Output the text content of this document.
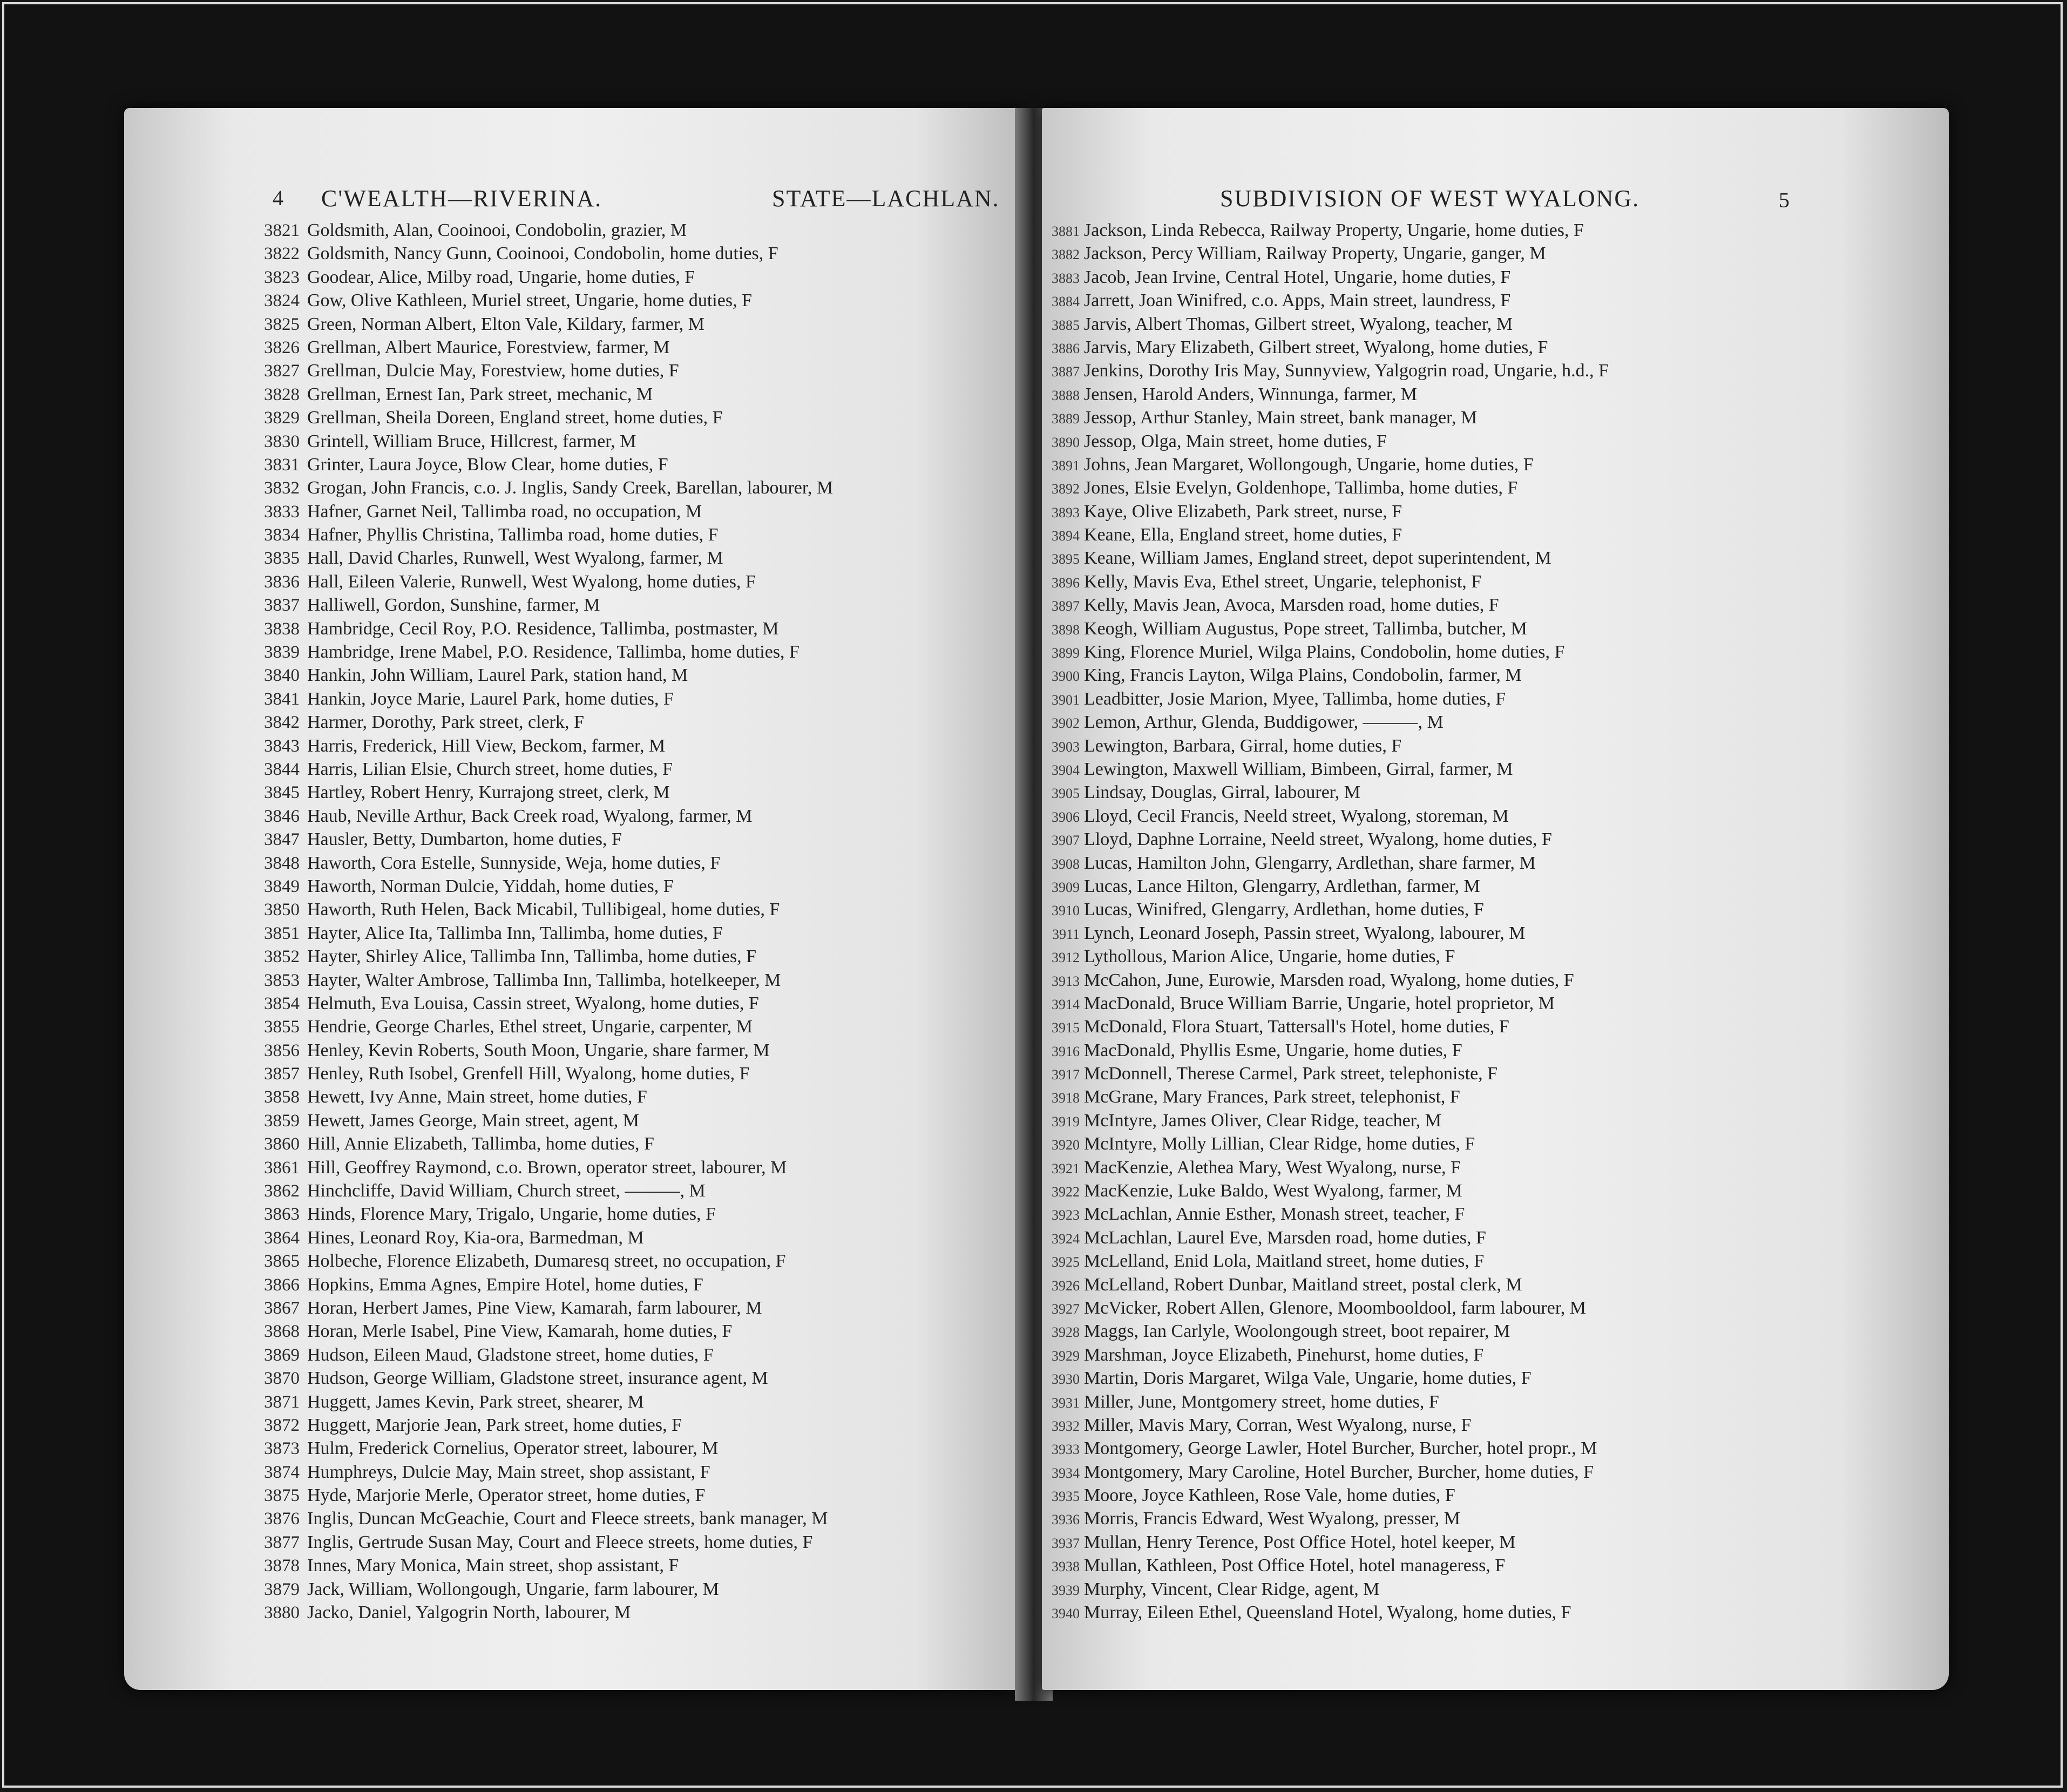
4 C'WEALTH—RIVERINA.	STATE—LACHLAN.
3821 Goldsmith, Alan, Cooinooi, Condobolin, grazier, M
3822 Goldsmith, Nancy Gunn, Cooinooi, Condobolin, home duties, F
3823 Goodear, Alice, Milby road, Ungarie, home duties, F
3824 Gow, Olive Kathleen, Muriel street, Ungarie, home duties, F
3825 Green, Norman Albert, Elton Vale, Kildary, farmer, M
3826 Grellman, Albert Maurice, Forestview, farmer, M
3827 Grellman, Dulcie May, Forestview, home duties, F
3828 Grellman, Ernest Ian, Park street, mechanic, M
3829 Grellman, Sheila Doreen, England street, home duties, F
3830 Grintell, William Bruce, Hillcrest, farmer, M
3831 Grinter, Laura Joyce, Blow Clear, home duties, F
3832 Grogan, John Francis, c.o. J. Inglis, Sandy Creek, Barellan, labourer, M
3833 Hafner, Garnet Neil, Tallimba road, no occupation, M
3834 Hafner, Phyllis Christina, Tallimba road, home duties, F
3835 Hall, David Charles, Runwell, West Wyalong, farmer, M
3836 Hall, Eileen Valerie, Runwell, West Wyalong, home duties, F
3837 Halliwell, Gordon, Sunshine, farmer, M
3838 Hambridge, Cecil Roy, P.O. Residence, Tallimba, postmaster, M
3839 Hambridge, Irene Mabel, P.O. Residence, Tallimba, home duties, F
3840 Hankin, John William, Laurel Park, station hand, M
3841 Hankin, Joyce Marie, Laurel Park, home duties, F
3842 Harmer, Dorothy, Park street, clerk, F
3843 Harris, Frederick, Hill View, Beckom, farmer, M
3844 Harris, Lilian Elsie, Church street, home duties, F
3845 Hartley, Robert Henry, Kurrajong street, clerk, M
3846 Haub, Neville Arthur, Back Creek road, Wyalong, farmer, M
3847 Hausler, Betty, Dumbarton, home duties, F
3848 Haworth, Cora Estelle, Sunnyside, Weja, home duties, F
3849 Haworth, Norman Dulcie, Yiddah, home duties, F
3850 Haworth, Ruth Helen, Back Micabil, Tullibigeal, home duties, F
3851 Hayter, Alice Ita, Tallimba Inn, Tallimba, home duties, F
3852 Hayter, Shirley Alice, Tallimba Inn, Tallimba, home duties, F
3853 Hayter, Walter Ambrose, Tallimba Inn, Tallimba, hotelkeeper, M
3854 Helmuth, Eva Louisa, Cassin street, Wyalong, home duties, F
3855 Hendrie, George Charles, Ethel street, Ungarie, carpenter, M
3856 Henley, Kevin Roberts, South Moon, Ungarie, share farmer, M
3857 Henley, Ruth Isobel, Grenfell Hill, Wyalong, home duties, F
3858 Hewett, Ivy Anne, Main street, home duties, F
3859 Hewett, James George, Main street, agent, M
3860 Hill, Annie Elizabeth, Tallimba, home duties, F
3861 Hill, Geoffrey Raymond, c.o. Brown, operator street, labourer, M
3862 Hinchcliffe, David William, Church street, ———, M
3863 Hinds, Florence Mary, Trigalo, Ungarie, home duties, F
3864 Hines, Leonard Roy, Kia-ora, Barmedman, M
3865 Holbeche, Florence Elizabeth, Dumaresq street, no occupation, F
3866 Hopkins, Emma Agnes, Empire Hotel, home duties, F
3867 Horan, Herbert James, Pine View, Kamarah, farm labourer, M
3868 Horan, Merle Isabel, Pine View, Kamarah, home duties, F
3869 Hudson, Eileen Maud, Gladstone street, home duties, F
3870 Hudson, George William, Gladstone street, insurance agent, M
3871 Huggett, James Kevin, Park street, shearer, M
3872 Huggett, Marjorie Jean, Park street, home duties, F
3873 Hulm, Frederick Cornelius, Operator street, labourer, M
3874 Humphreys, Dulcie May, Main street, shop assistant, F
3875 Hyde, Marjorie Merle, Operator street, home duties, F
3876 Inglis, Duncan McGeachie, Court and Fleece streets, bank manager, M
3877 Inglis, Gertrude Susan May, Court and Fleece streets, home duties, F
3878 Innes, Mary Monica, Main street, shop assistant, F
3879 Jack, William, Wollongough, Ungarie, farm labourer, M
3880 Jacko, Daniel, Yalgogrin North, labourer, M
SUBDIVISION OF WEST WYALONG.	5
3881 Jackson, Linda Rebecca, Railway Property, Ungarie, home duties, F
3882 Jackson, Percy William, Railway Property, Ungarie, ganger, M
3883 Jacob, Jean Irvine, Central Hotel, Ungarie, home duties, F
3884 Jarrett, Joan Winifred, c.o. Apps, Main street, laundress, F
3885 Jarvis, Albert Thomas, Gilbert street, Wyalong, teacher, M
3886 Jarvis, Mary Elizabeth, Gilbert street, Wyalong, home duties, F
3887 Jenkins, Dorothy Iris May, Sunnyview, Yalgogrin road, Ungarie, h.d., F
3888 Jensen, Harold Anders, Winnunga, farmer, M
3889 Jessop, Arthur Stanley, Main street, bank manager, M
3890 Jessop, Olga, Main street, home duties, F
3891 Johns, Jean Margaret, Wollongough, Ungarie, home duties, F
3892 Jones, Elsie Evelyn, Goldenhope, Tallimba, home duties, F
3893 Kaye, Olive Elizabeth, Park street, nurse, F
3894 Keane, Ella, England street, home duties, F
3895 Keane, William James, England street, depot superintendent, M
3896 Kelly, Mavis Eva, Ethel street, Ungarie, telephonist, F
3897 Kelly, Mavis Jean, Avoca, Marsden road, home duties, F
3898 Keogh, William Augustus, Pope street, Tallimba, butcher, M
3899 King, Florence Muriel, Wilga Plains, Condobolin, home duties, F
3900 King, Francis Layton, Wilga Plains, Condobolin, farmer, M
3901 Leadbitter, Josie Marion, Myee, Tallimba, home duties, F
3902 Lemon, Arthur, Glenda, Buddigower, ———, M
3903 Lewington, Barbara, Girral, home duties, F
3904 Lewington, Maxwell William, Bimbeen, Girral, farmer, M
3905 Lindsay, Douglas, Girral, labourer, M
3906 Lloyd, Cecil Francis, Neeld street, Wyalong, storeman, M
3907 Lloyd, Daphne Lorraine, Neeld street, Wyalong, home duties, F
3908 Lucas, Hamilton John, Glengarry, Ardlethan, share farmer, M
3909 Lucas, Lance Hilton, Glengarry, Ardlethan, farmer, M
3910 Lucas, Winifred, Glengarry, Ardlethan, home duties, F
3911 Lynch, Leonard Joseph, Passin street, Wyalong, labourer, M
3912 Lythollous, Marion Alice, Ungarie, home duties, F
3913 McCahon, June, Eurowie, Marsden road, Wyalong, home duties, F
3914 MacDonald, Bruce William Barrie, Ungarie, hotel proprietor, M
3915 McDonald, Flora Stuart, Tattersall's Hotel, home duties, F
3916 MacDonald, Phyllis Esme, Ungarie, home duties, F
3917 McDonnell, Therese Carmel, Park street, telephoniste, F
3918 McGrane, Mary Frances, Park street, telephonist, F
3919 McIntyre, James Oliver, Clear Ridge, teacher, M
3920 McIntyre, Molly Lillian, Clear Ridge, home duties, F
3921 MacKenzie, Alethea Mary, West Wyalong, nurse, F
3922 MacKenzie, Luke Baldo, West Wyalong, farmer, M
3923 McLachlan, Annie Esther, Monash street, teacher, F
3924 McLachlan, Laurel Eve, Marsden road, home duties, F
3925 McLelland, Enid Lola, Maitland street, home duties, F
3926 McLelland, Robert Dunbar, Maitland street, postal clerk, M
3927 McVicker, Robert Allen, Glenore, Moombooldool, farm labourer, M
3928 Maggs, Ian Carlyle, Woolongough street, boot repairer, M
3929 Marshman, Joyce Elizabeth, Pinehurst, home duties, F
3930 Martin, Doris Margaret, Wilga Vale, Ungarie, home duties, F
3931 Miller, June, Montgomery street, home duties, F
3932 Miller, Mavis Mary, Corran, West Wyalong, nurse, F
3933 Montgomery, George Lawler, Hotel Burcher, Burcher, hotel propr., M
3934 Montgomery, Mary Caroline, Hotel Burcher, Burcher, home duties, F
3935 Moore, Joyce Kathleen, Rose Vale, home duties, F
3936 Morris, Francis Edward, West Wyalong, presser, M
3937 Mullan, Henry Terence, Post Office Hotel, hotel keeper, M
3938 Mullan, Kathleen, Post Office Hotel, hotel manageress, F
3939 Murphy, Vincent, Clear Ridge, agent, M
3940 Murray, Eileen Ethel, Queensland Hotel, Wyalong, home duties, F
